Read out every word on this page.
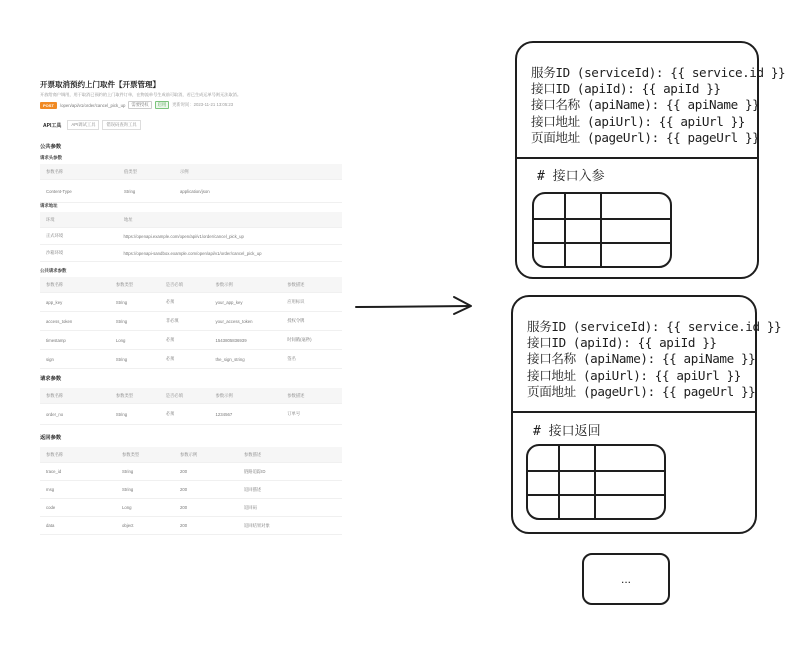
开票取消预约上门取件【开票管理】
开放给商户调用，用于取消已预约的上门取件订单，在物流单号生成前可取消，若已生成运单号则无法取消。
POST	/open/api/v1/order/cancel_pick_up	需要授权	启用	更新时间：2023-11-21 13:05:23
API工具	API调试工具	错误码查询工具
公共参数
请求头参数
参数名称	值类型	示例
Content-Type	String	application/json
请求地址
环境	地址
正式环境	https://openapi.example.com/open/api/v1/order/cancel_pick_up
沙箱环境	https://openapi-sandbox.example.com/open/api/v1/order/cancel_pick_up
公共请求参数
参数名称	参数类型	是否必填	参数示例	参数描述
app_key	String	必须	your_app_key	应用标识
access_token	String	非必填	your_access_token	授权令牌
timestamp	Long	必须	1543805836939	时间戳(毫秒)
sign	String	必须	the_sign_string	签名
请求参数
参数名称	参数类型	是否必填	参数示例	参数描述
order_no	String	必须	1234567	订单号
返回参数
参数名称	参数类型	参数示例	参数描述
trace_id	String	200	链路追踪ID
msg	String	200	返回描述
code	Long	200	返回码
data	object	200	返回结果对象
服务ID (serviceId): {{ service.id }}
接口ID (apiId): {{ apiId }}
接口名称 (apiName): {{ apiName }}
接口地址 (apiUrl): {{ apiUrl }}
页面地址 (pageUrl): {{ pageUrl }}
# 接口入参
服务ID (serviceId): {{ service.id }}
接口ID (apiId): {{ apiId }}
接口名称 (apiName): {{ apiName }}
接口地址 (apiUrl): {{ apiUrl }}
页面地址 (pageUrl): {{ pageUrl }}
# 接口返回
...
